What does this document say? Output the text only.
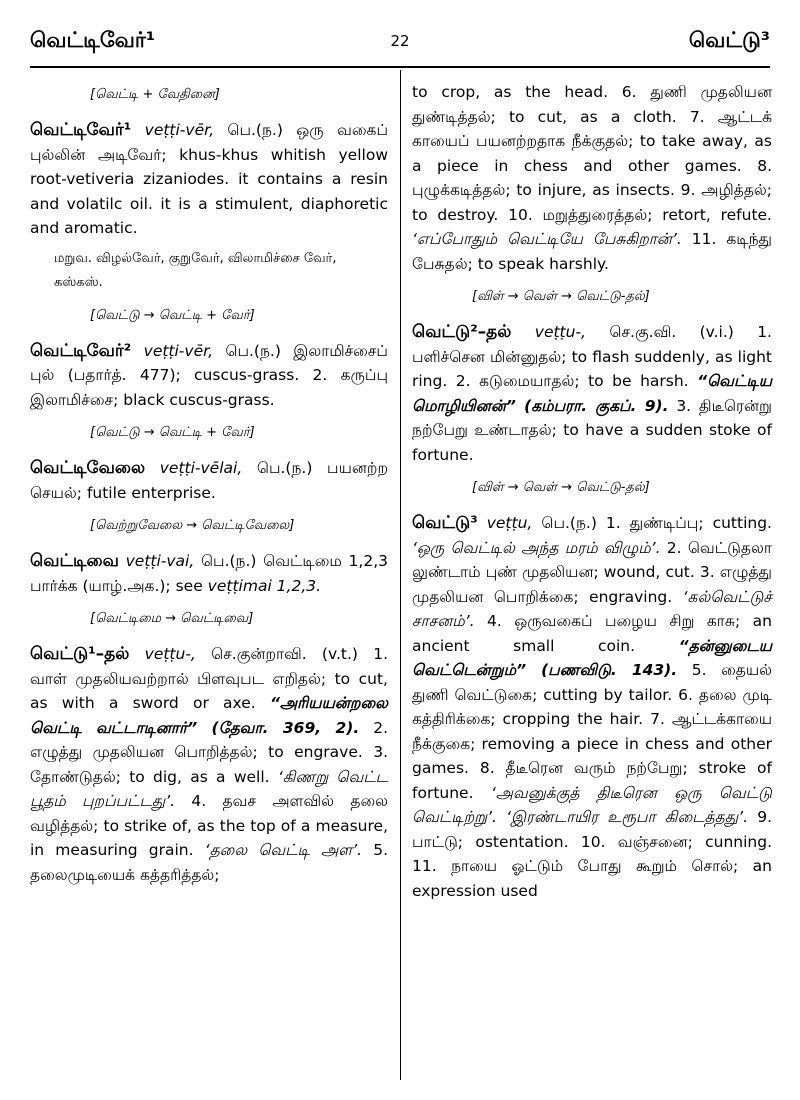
வெட்டிவேர்¹	22	வெட்டு³
[வெட்டி + வேதினை]

வெட்டிவேர்¹ veṭṭi-vēr, பெ.(ந.) ஒரு வகைப் புல்லின் அடிவேர்; khus-khus whitish yellow root-vetiveria zizaniodes. it contains a resin and volatilc oil. it is a stimulent, diaphoretic and aromatic.

மறுவ. விழல்வேர், குறுவேர், விலாமிச்சை வேர், கஸ்கஸ்.
[வெட்டு → வெட்டி + வேர்]

வெட்டிவேர்² veṭṭi-vēr, பெ.(ந.) இலாமிச்சைப் புல் (பதார்த். 477); cuscus-grass. 2. கருப்பு இலாமிச்சை; black cuscus-grass.

[வெட்டு → வெட்டி + வேர்]

வெட்டிவேலை veṭṭi-vēlai, பெ.(ந.) பயனற்ற செயல்; futile enterprise.

[வெற்றுவேலை → வெட்டிவேலை]

வெட்டிவை veṭṭi-vai, பெ.(ந.) வெட்டிமை 1,2,3 பார்க்க (யாழ்.அக.); see veṭṭimai 1,2,3.

[வெட்டிமை → வெட்டிவை]

வெட்டு¹–தல் veṭṭu-, செ.குன்றாவி. (v.t.) 1. வாள் முதலியவற்றால் பிளவுபட எறிதல்; to cut, as with a sword or axe. “அரியயன்றலை வெட்டி வட்டாடினார்” (தேவா. 369, 2). 2. எழுத்து முதலியன பொறித்தல்; to engrave. 3. தோண்டுதல்; to dig, as a well. ‘கிணறு வெட்ட பூதம் புறப்பட்டது’. 4. தவச அளவில் தலை வழித்தல்; to strike of, as the top of a measure, in measuring grain. ‘தலை வெட்டி அள’. 5. தலைமுடியைக் கத்தரித்தல்;

to crop, as the head. 6. துணி முதலியன துண்டித்தல்; to cut, as a cloth. 7. ஆட்டக் காயைப் பயனற்றதாக நீக்குதல்; to take away, as a piece in chess and other games. 8. புழுக்கடித்தல்; to injure, as insects. 9. அழித்தல்; to destroy. 10. மறுத்துரைத்தல்; retort, refute. ‘எப்போதும் வெட்டியே பேசுகிறான்’. 11. கடிந்து பேசுதல்; to speak harshly.

[விள் → வெள் → வெட்டு-தல்]

வெட்டு²–தல் veṭṭu-, செ.கு.வி. (v.i.) 1. பளிச்சென மின்னுதல்; to flash suddenly, as light ring. 2. கடுமையாதல்; to be harsh. “வெட்டிய மொழியினன்” (கம்பரா. குகப். 9). 3. திடீரென்று நற்பேறு உண்டாதல்; to have a sudden stoke of fortune.

[விள் → வெள் → வெட்டு-தல்]

வெட்டு³ veṭṭu, பெ.(ந.) 1. துண்டிப்பு; cutting. ‘ஒரு வெட்டில் அந்த மரம் விழும்’. 2. வெட்டுதலா லுண்டாம் புண் முதலியன; wound, cut. 3. எழுத்து முதலியன பொறிக்கை; engraving. ‘கல்வெட்டுச் சாசனம்’. 4. ஒருவகைப் பழைய சிறு காசு; an ancient small coin.	“தன்னுடைய வெட்டென்றும்” (பணவிடு. 143). 5. தையல் துணி வெட்டுகை; cutting by tailor. 6. தலை முடி கத்திரிக்கை; cropping the hair. 7. ஆட்டக்காயை நீக்குகை; removing a piece in chess and other games. 8. தீடீரென வரும் நற்பேறு; stroke of fortune. ‘அவனுக்குத் திடீரென ஒரு வெட்டு வெட்டிற்று’. ‘இரண்டாயிர உரூபா கிடைத்தது’. 9. பாட்டு; ostentation. 10. வஞ்சனை; cunning. 11. நாயை ஓட்டும் போது கூறும் சொல்; an expression used
